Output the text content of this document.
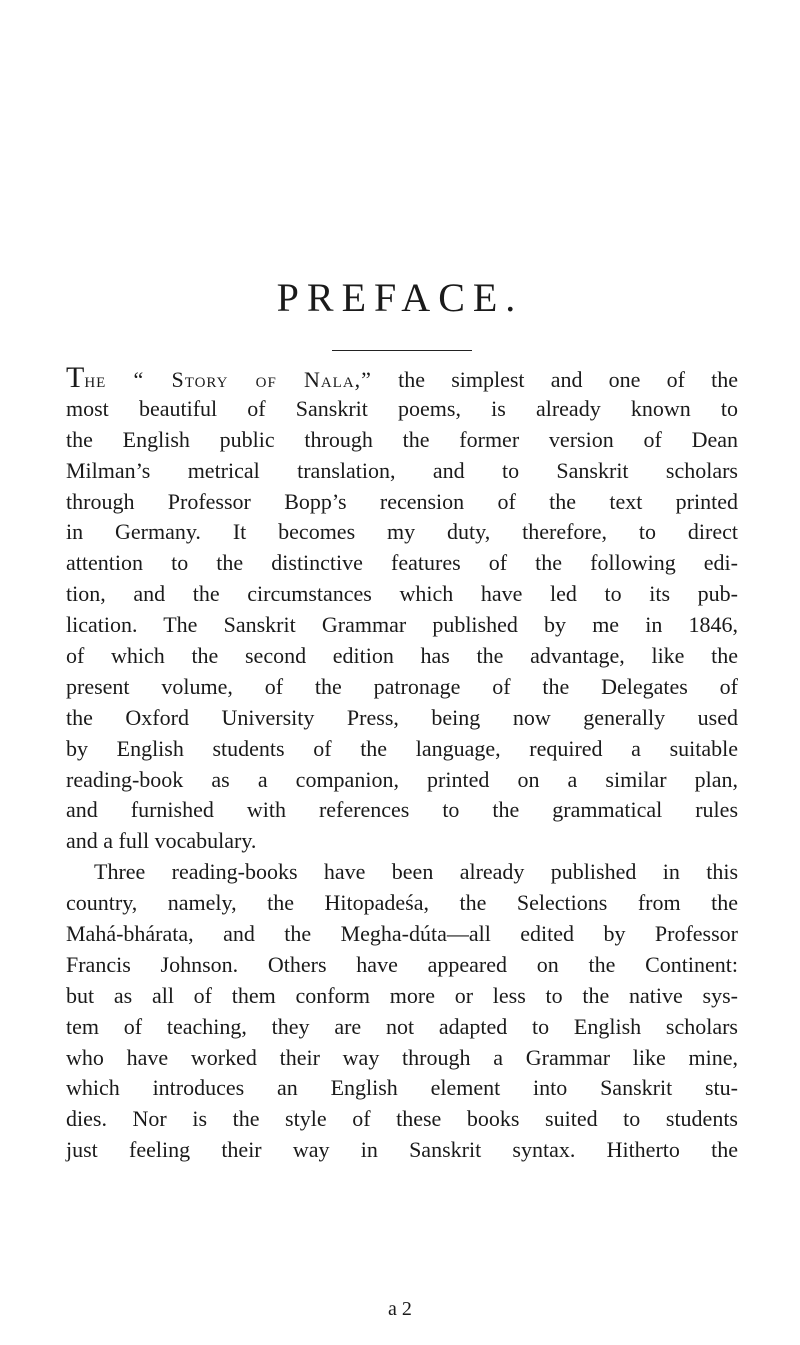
PREFACE.
The “ Story of Nala,” the simplest and one of the
most beautiful of Sanskrit poems, is already known to
the English public through the former version of Dean
Milman’s metrical translation, and to Sanskrit scholars
through Professor Bopp’s recension of the text printed
in Germany. It becomes my duty, therefore, to direct
attention to the distinctive features of the following edi-
tion, and the circumstances which have led to its pub-
lication. The Sanskrit Grammar published by me in 1846,
of which the second edition has the advantage, like the
present volume, of the patronage of the Delegates of
the Oxford University Press, being now generally used
by English students of the language, required a suitable
reading-book as a companion, printed on a similar plan,
and furnished with references to the grammatical rules
and a full vocabulary.
Three reading-books have been already published in this
country, namely, the Hitopadeśa, the Selections from the
Mahá-bhárata, and the Megha-dúta—all edited by Professor
Francis Johnson. Others have appeared on the Continent:
but as all of them conform more or less to the native sys-
tem of teaching, they are not adapted to English scholars
who have worked their way through a Grammar like mine,
which introduces an English element into Sanskrit stu-
dies. Nor is the style of these books suited to students
just feeling their way in Sanskrit syntax. Hitherto the
a 2
